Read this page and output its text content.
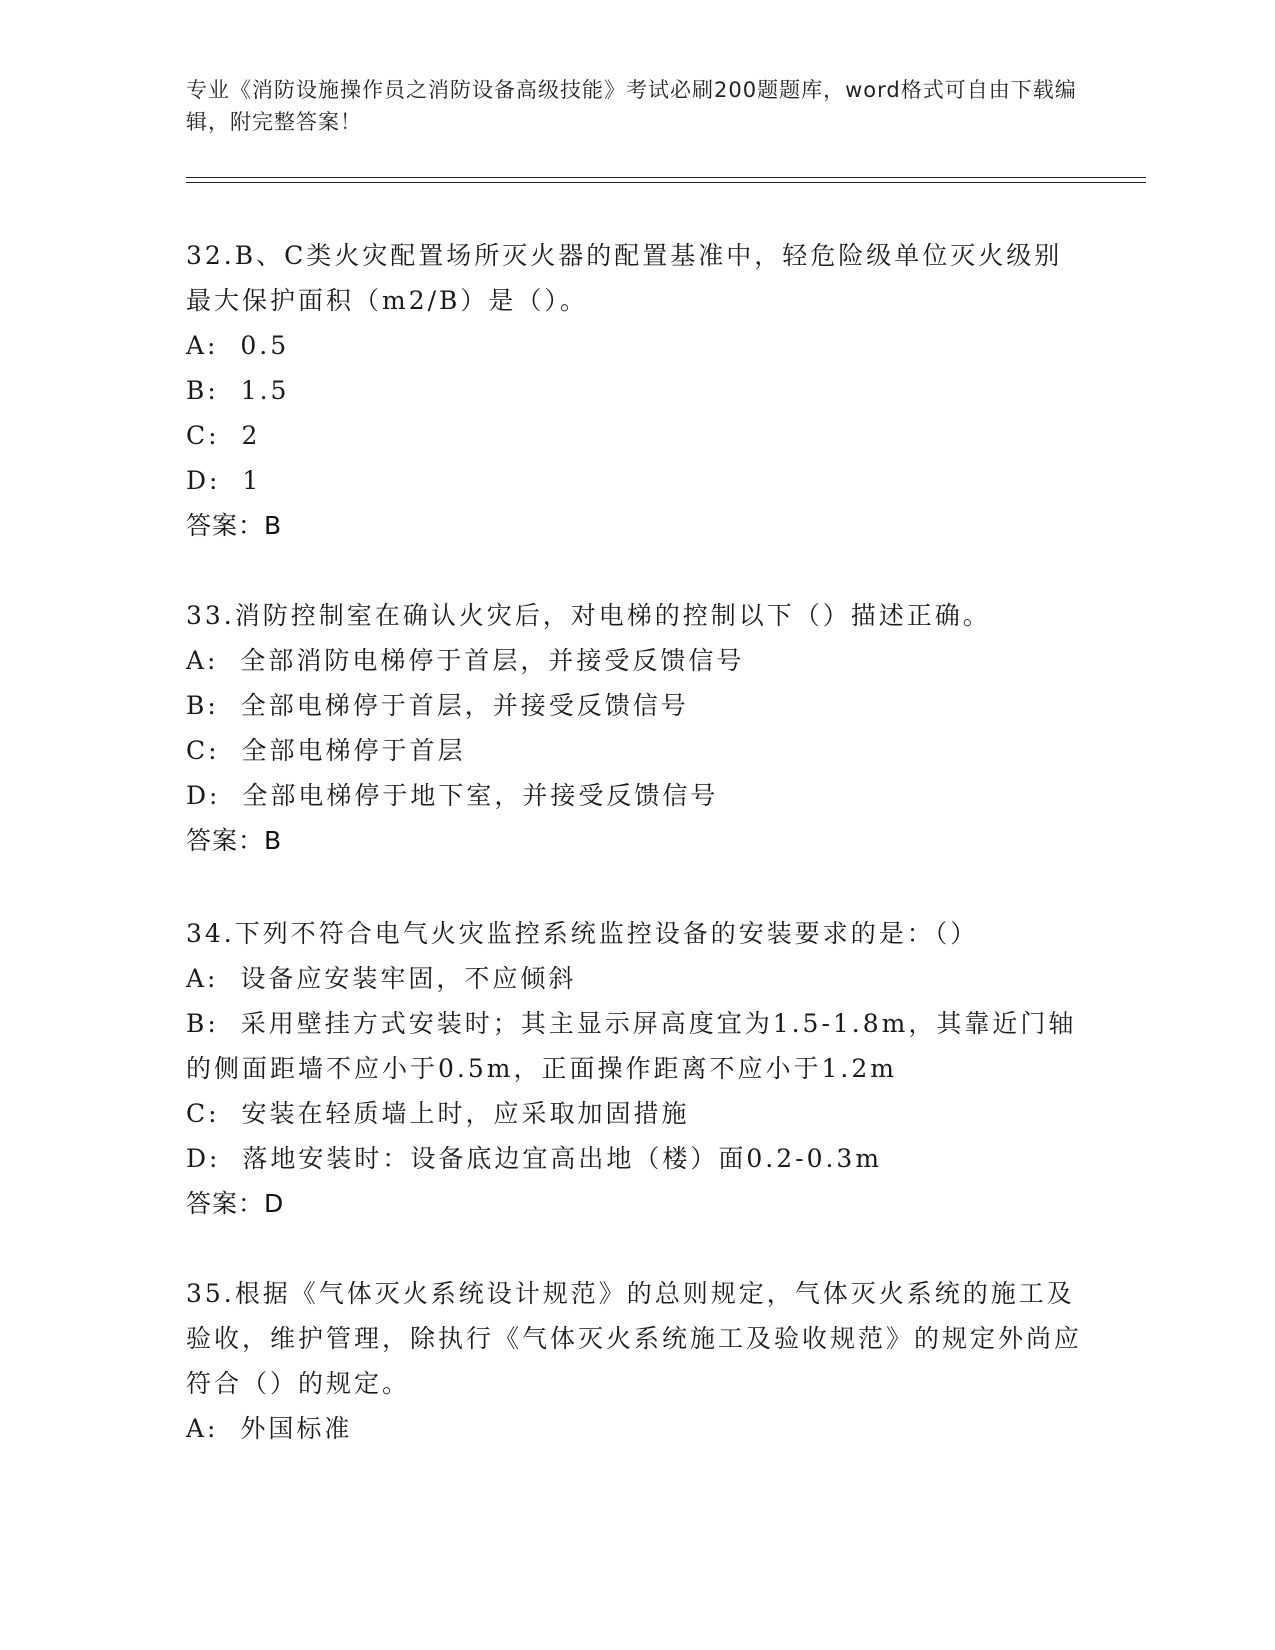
专业《消防设施操作员之消防设备高级技能》考试必刷200题题库，word格式可自由下载编辑，附完整答案！
32.B、C类火灾配置场所灭火器的配置基准中，轻危险级单位灭火级别最大保护面积（m2/B）是（）。
A:  0.5
B:  1.5
C:  2
D:  1
答案：B
33.消防控制室在确认火灾后，对电梯的控制以下（）描述正确。
A:  全部消防电梯停于首层，并接受反馈信号
B:  全部电梯停于首层，并接受反馈信号
C:  全部电梯停于首层
D:  全部电梯停于地下室，并接受反馈信号
答案：B
34.下列不符合电气火灾监控系统监控设备的安装要求的是：（）
A:  设备应安装牢固，不应倾斜
B:  采用壁挂方式安装时；其主显示屏高度宜为1.5-1.8m，其靠近门轴的侧面距墙不应小于0.5m，正面操作距离不应小于1.2m
C:  安装在轻质墙上时，应采取加固措施
D:  落地安装时：设备底边宜高出地（楼）面0.2-0.3m
答案：D
35.根据《气体灭火系统设计规范》的总则规定，气体灭火系统的施工及验收，维护管理，除执行《气体灭火系统施工及验收规范》的规定外尚应符合（）的规定。
A:  外国标准
